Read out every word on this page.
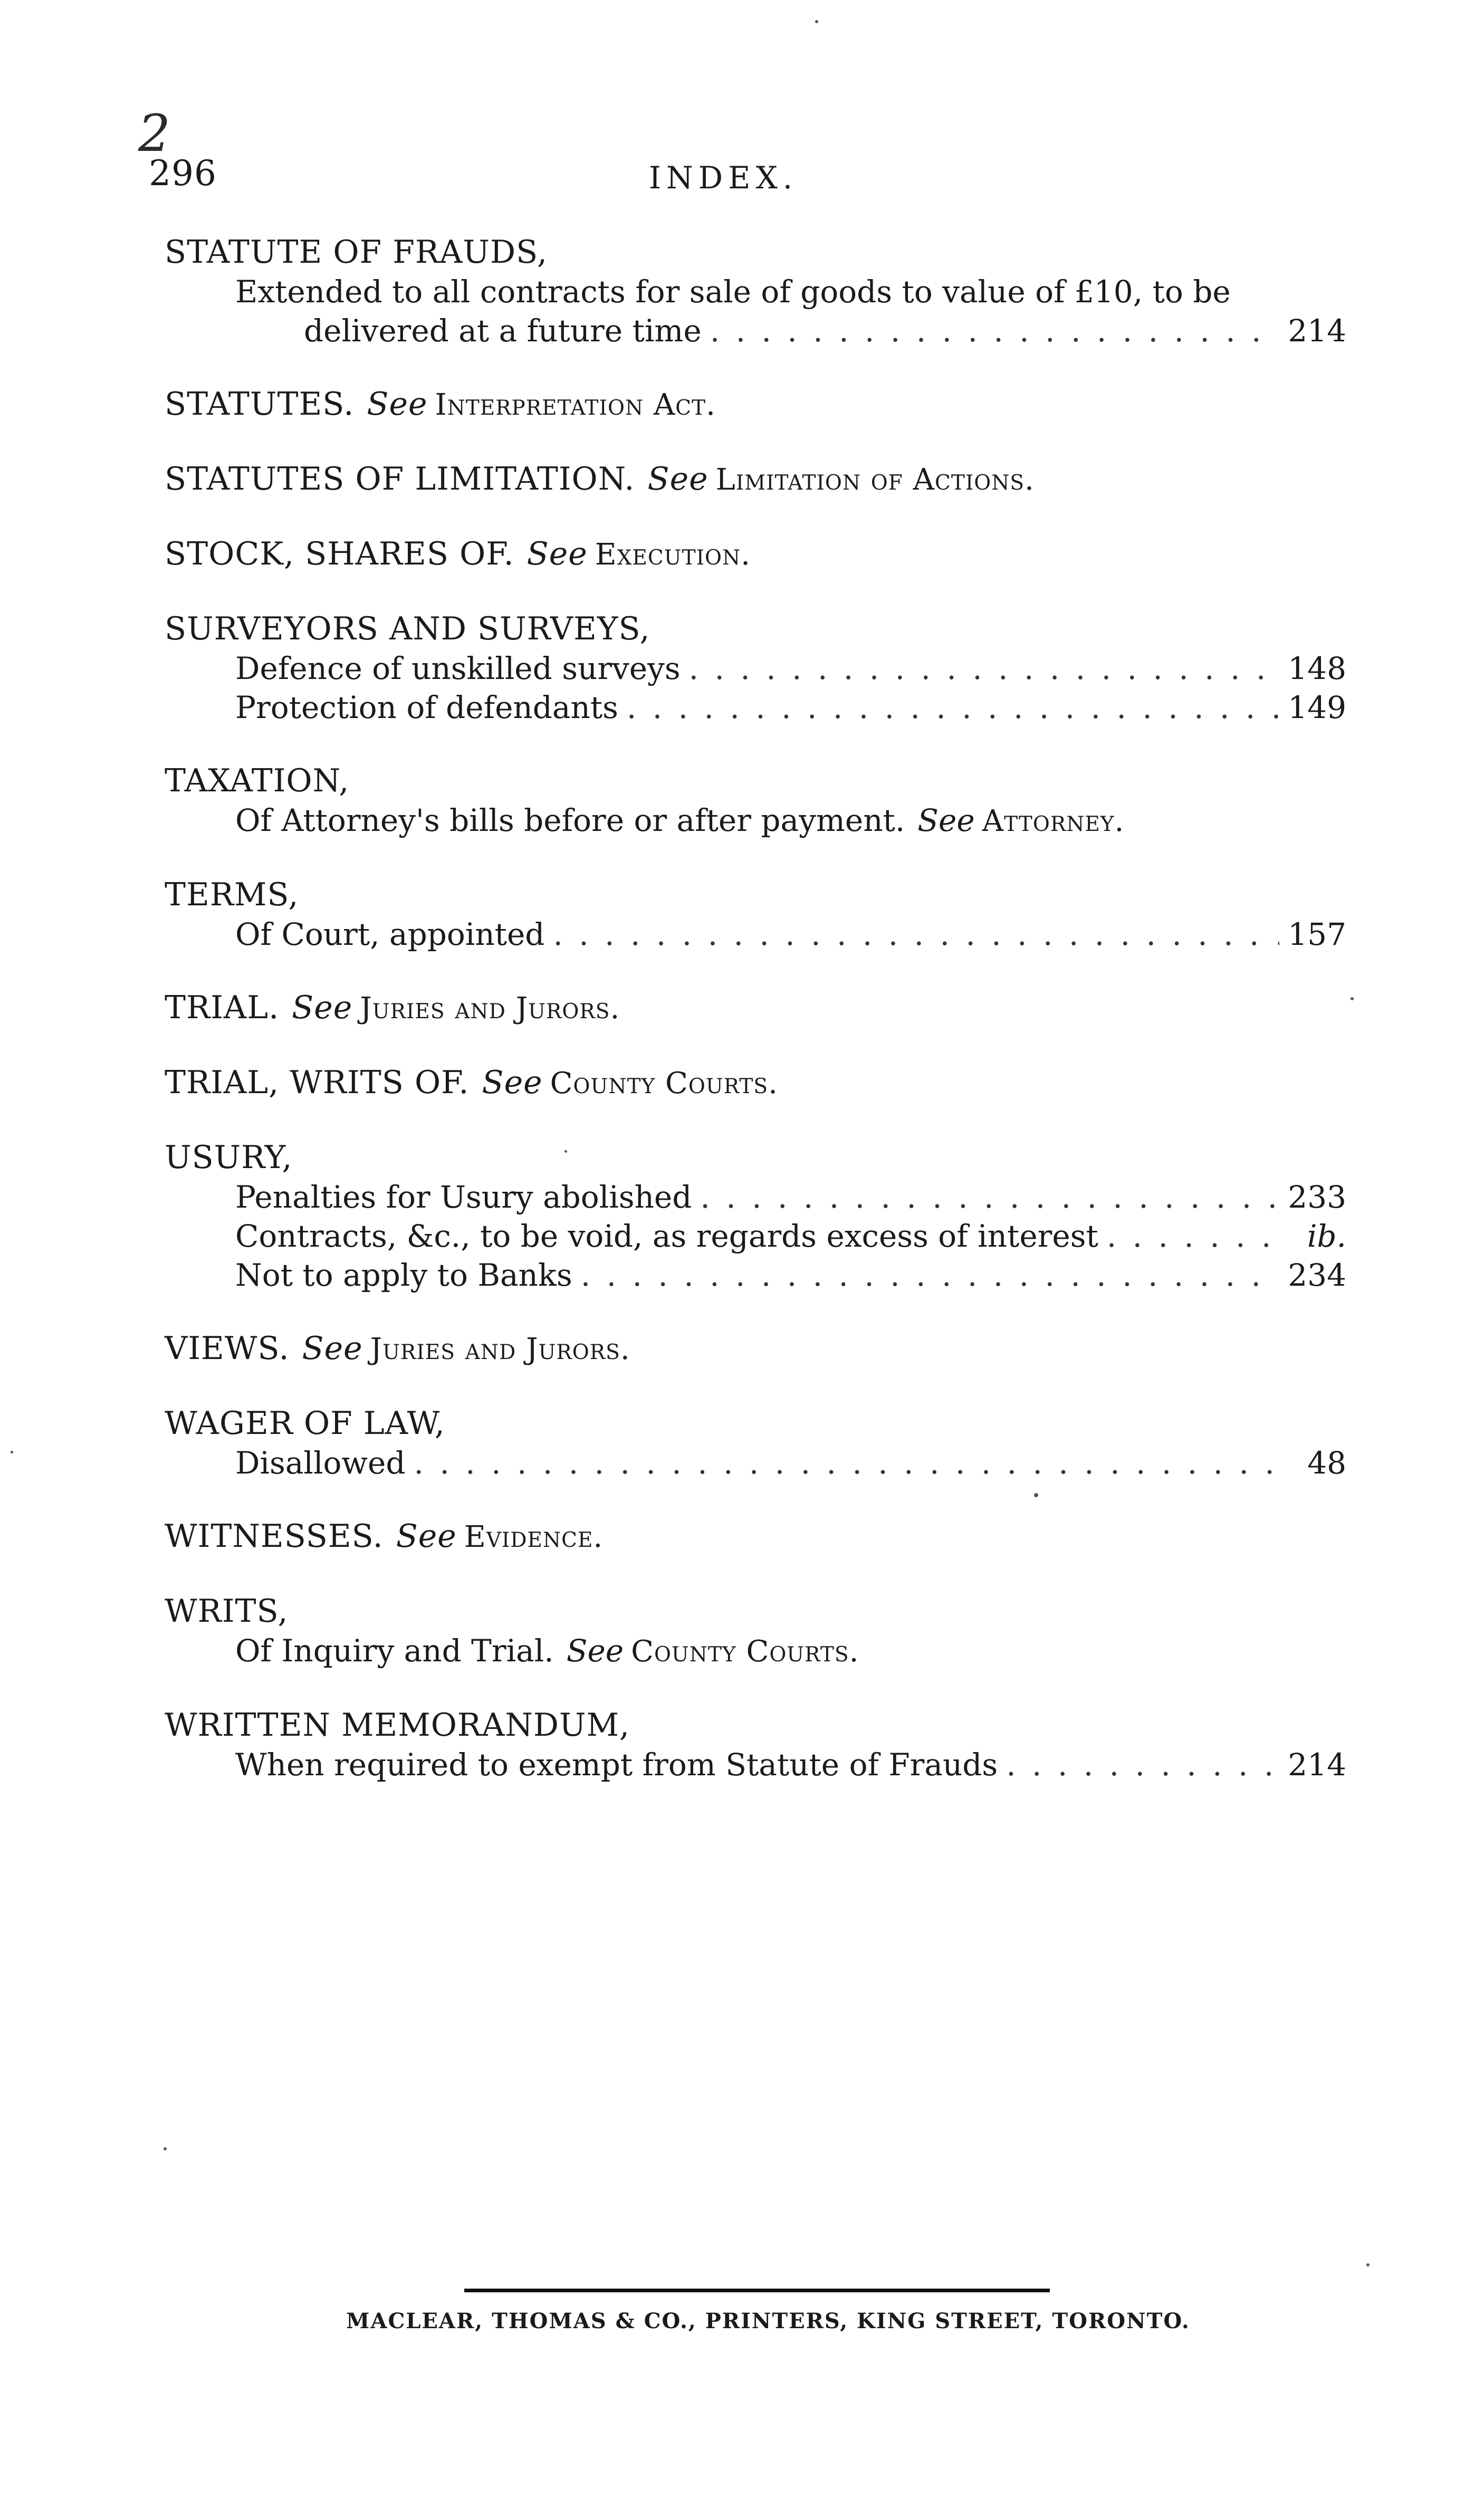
2
296	INDEX.
STATUTE OF FRAUDS,
Extended to all contracts for sale of goods to value of £10, to be
delivered at a future time . . .	214
STATUTES. See Interpretation Act.
STATUTES OF LIMITATION. See Limitation of Actions.
STOCK, SHARES OF. See Execution.
SURVEYORS AND SURVEYS,
Defence of unskilled surveys . . .	148
Protection of defendants . . .	149
TAXATION,
Of Attorney's bills before or after payment. See Attorney.
TERMS,
Of Court, appointed . . .	157
TRIAL. See Juries and Jurors.
TRIAL, WRITS OF. See County Courts.
USURY,
Penalties for Usury abolished . . .	233
Contracts, &c., to be void, as regards excess of interest . . .	ib.
Not to apply to Banks . . .	234
VIEWS. See Juries and Jurors.
WAGER OF LAW,
Disallowed . . .	48
WITNESSES. See Evidence.
WRITS,
Of Inquiry and Trial. See County Courts.
WRITTEN MEMORANDUM,
When required to exempt from Statute of Frauds . . .	214
MACLEAR, THOMAS & CO., PRINTERS, KING STREET, TORONTO.
